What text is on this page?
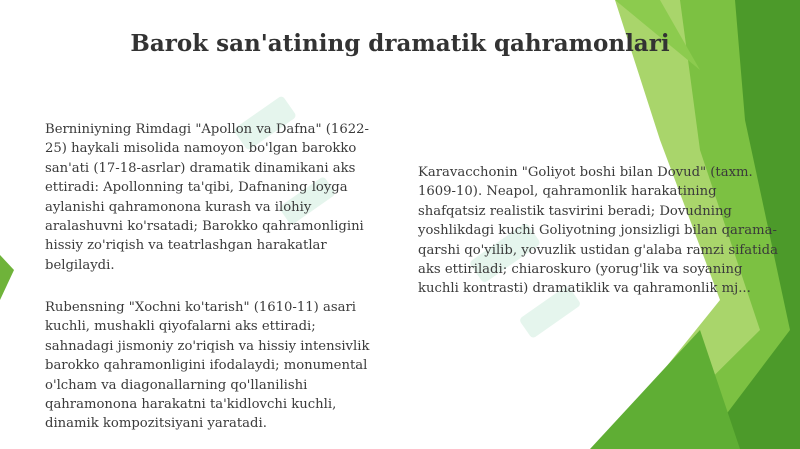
Barok san'atining dramatik qahramonlari

Berniniyning Rimdagi "Apollon va Dafna" (1622-25) haykali misolida namoyon bo'lgan barokko san'ati (17-18-asrlar) dramatik dinamikani aks ettiradi: Apollonning ta'qibi, Dafnaning loyga aylanishi qahramonona kurash va ilohiy aralashuvni ko'rsatadi; Barokko qahramonligini hissiy zo'riqish va teatrlashgan harakatlar belgilaydi.

Rubensning "Xochni ko'tarish" (1610-11) asari kuchli, mushakli qiyofalarni aks ettiradi; sahnadagi jismoniy zo'riqish va hissiy intensivlik barokko qahramonligini ifodalaydi; monumental o'lcham va diagonallarning qo'llanilishi qahramonona harakatni ta'kidlovchi kuchli, dinamik kompozitsiyani yaratadi.

Karavacchonin "Goliyot boshi bilan Dovud" (taxm. 1609-10). Neapol, qahramonlik harakatining shafqatsiz realistik tasvirini beradi; Dovudning yoshlikdagi kuchi Goliyotning jonsizligi bilan qarama-qarshi qo'yilib, yovuzlik ustidan g'alaba ramzi sifatida aks ettiriladi; chiaroskuro (yorug'lik va soyaning kuchli kontrasti) dramatiklik va qahramonlik mj...
